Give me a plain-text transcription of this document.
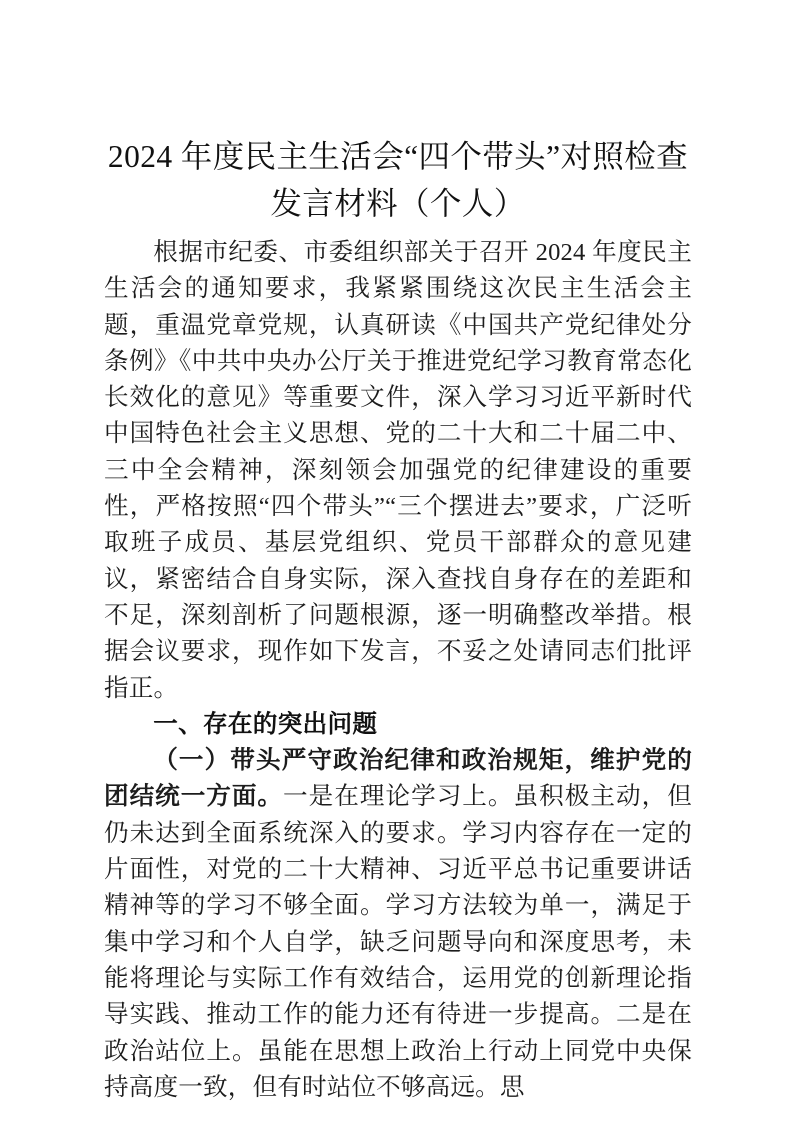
2024 年度民主生活会“四个带头”对照检查发言材料（个人）

根据市纪委、市委组织部关于召开 2024 年度民主生活会的通知要求，我紧紧围绕这次民主生活会主题，重温党章党规，认真研读《中国共产党纪律处分条例》《中共中央办公厅关于推进党纪学习教育常态化长效化的意见》等重要文件，深入学习习近平新时代中国特色社会主义思想、党的二十大和二十届二中、三中全会精神，深刻领会加强党的纪律建设的重要性，严格按照“四个带头”“三个摆进去”要求，广泛听取班子成员、基层党组织、党员干部群众的意见建议，紧密结合自身实际，深入查找自身存在的差距和不足，深刻剖析了问题根源，逐一明确整改举措。根据会议要求，现作如下发言，不妥之处请同志们批评指正。

一、存在的突出问题

（一）带头严守政治纪律和政治规矩，维护党的团结统一方面。一是在理论学习上。虽积极主动，但仍未达到全面系统深入的要求。学习内容存在一定的片面性，对党的二十大精神、习近平总书记重要讲话精神等的学习不够全面。学习方法较为单一，满足于集中学习和个人自学，缺乏问题导向和深度思考，未能将理论与实际工作有效结合，运用党的创新理论指导实践、推动工作的能力还有待进一步提高。二是在政治站位上。虽能在思想上政治上行动上同党中央保持高度一致，但有时站位不够高远。思
